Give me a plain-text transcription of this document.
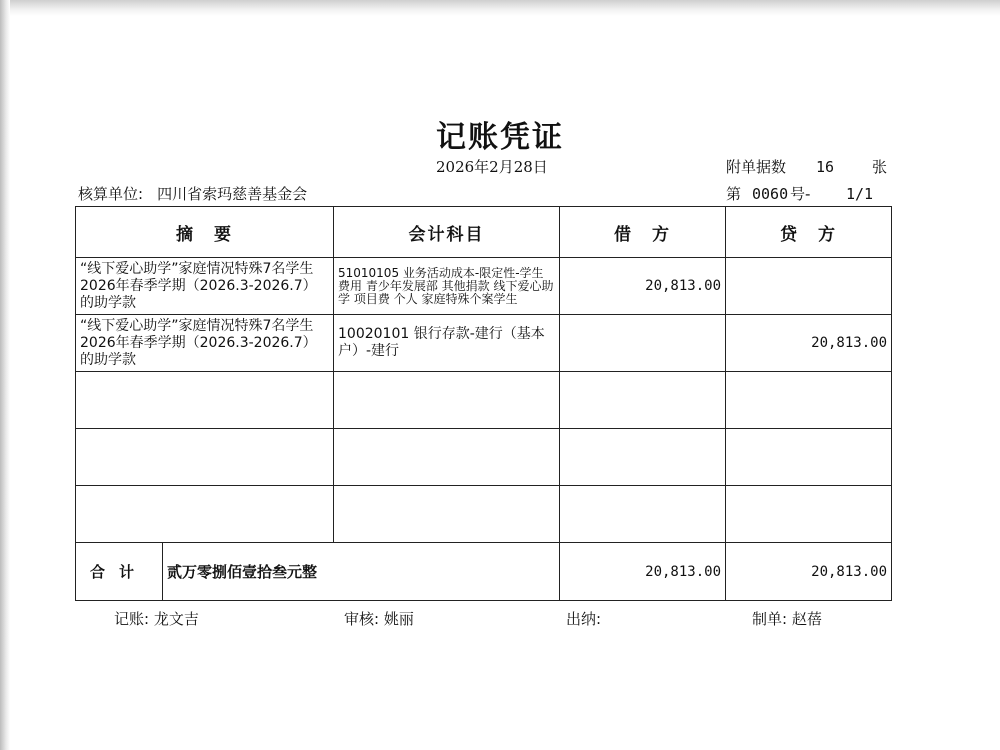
记账凭证
2026年2月28日	附单据数 16	张
核算单位: 四川省索玛慈善基金会	第 0060 号- 1/1
摘　要	会计科目	借　方	贷　方
“线下爱心助学”家庭情况特殊7名学生2026年春季学期（2026.3-2026.7）的助学款	51010105 业务活动成本-限定性-学生费用 青少年发展部 其他捐款 线下爱心助学 项目费 个人 家庭特殊个案学生	20,813.00	
“线下爱心助学”家庭情况特殊7名学生2026年春季学期（2026.3-2026.7）的助学款	10020101 银行存款-建行（基本户）-建行		20,813.00

合计 贰万零捌佰壹拾叁元整		20,813.00	20,813.00
记账: 龙文吉	审核: 姚丽	出纳:	制单: 赵蓓
